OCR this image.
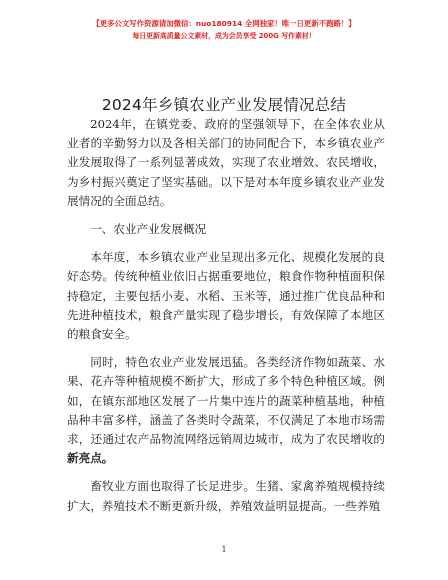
【更多公文写作资源请加微信：nuo180914 全网独家！唯一日更新不跑路！】
每日更新高质量公文素材，成为会员享受 200G 写作素材！
2024年乡镇农业产业发展情况总结

2024年，在镇党委、政府的坚强领导下，在全体农业从业者的辛勤努力以及各相关部门的协同配合下，本乡镇农业产业发展取得了一系列显著成效，实现了农业增效、农民增收，为乡村振兴奠定了坚实基础。以下是对本年度乡镇农业产业发展情况的全面总结。

一、农业产业发展概况

本年度，本乡镇农业产业呈现出多元化、规模化发展的良好态势。传统种植业依旧占据重要地位，粮食作物种植面积保持稳定，主要包括小麦、水稻、玉米等，通过推广优良品种和先进种植技术，粮食产量实现了稳步增长，有效保障了本地区的粮食安全。

同时，特色农业产业发展迅猛。各类经济作物如蔬菜、水果、花卉等种植规模不断扩大，形成了多个特色种植区域。例如，在镇东部地区发展了一片集中连片的蔬菜种植基地，种植品种丰富多样，涵盖了各类时令蔬菜，不仅满足了本地市场需求，还通过农产品物流网络远销周边城市，成为了农民增收的新亮点。

畜牧业方面也取得了长足进步。生猪、家禽养殖规模持续扩大，养殖技术不断更新升级，养殖效益明显提高。一些养殖

1
